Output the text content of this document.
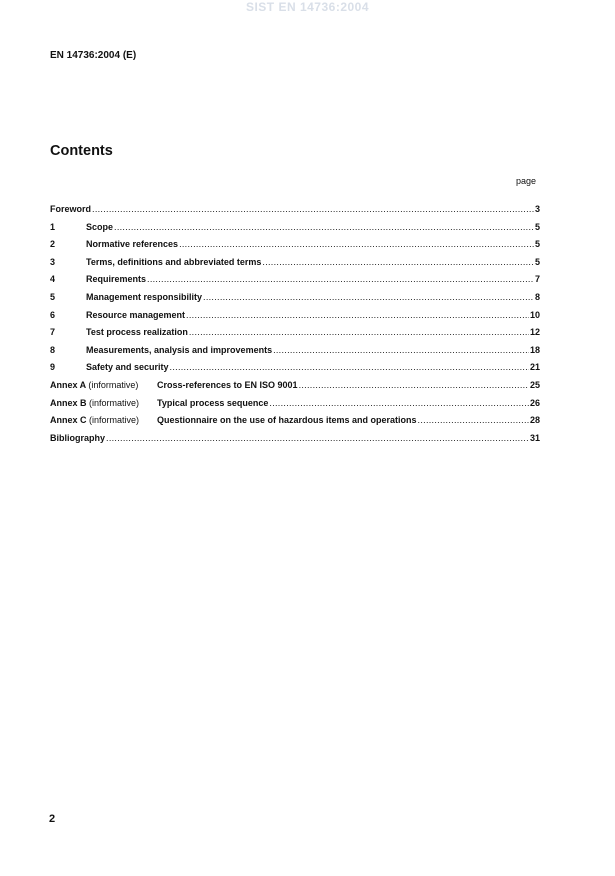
SIST EN 14736:2004
EN 14736:2004 (E)
Contents
page
Foreword .....	3
1	Scope .....	5
2	Normative references .....	5
3	Terms, definitions and abbreviated terms .....	5
4	Requirements .....	7
5	Management responsibility .....	8
6	Resource management .....	10
7	Test process realization .....	12
8	Measurements, analysis and improvements .....	18
9	Safety and security .....	21
Annex A (informative)	Cross-references to EN ISO 9001 .....	25
Annex B (informative)	Typical process sequence .....	26
Annex C (informative)	Questionnaire on the use of hazardous items and operations .....	28
Bibliography .....	31
2
